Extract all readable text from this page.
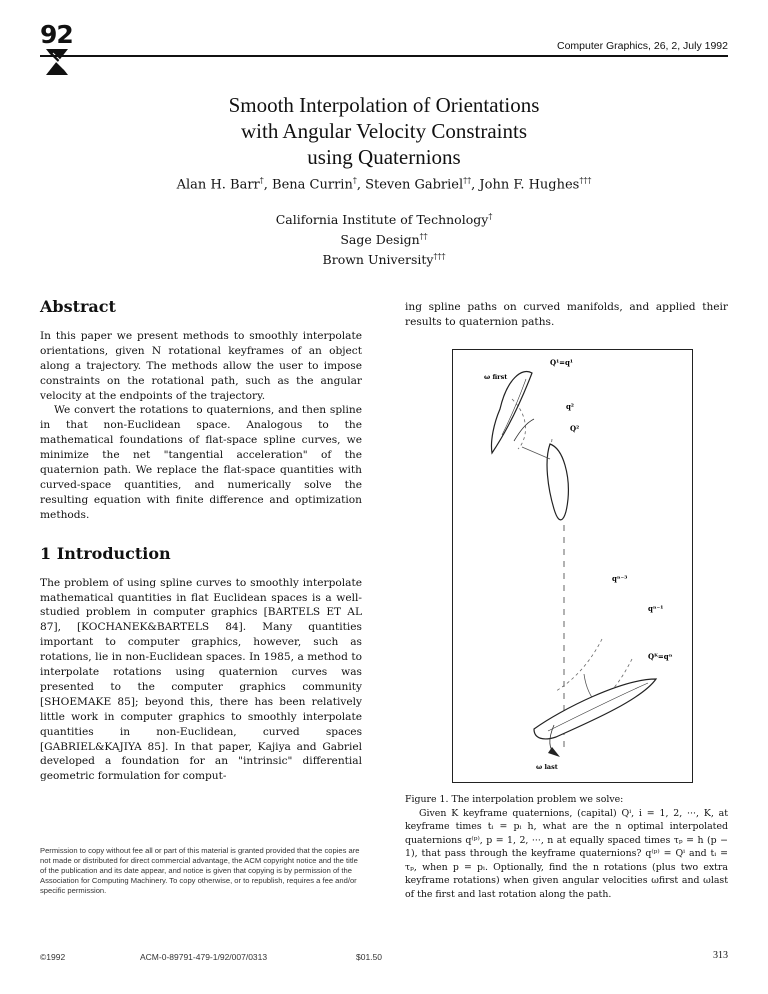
92	Computer Graphics, 26, 2, July 1992
Smooth Interpolation of Orientations
with Angular Velocity Constraints
using Quaternions
Alan H. Barr†, Bena Currin†, Steven Gabriel††, John F. Hughes†††
California Institute of Technology†
Sage Design††
Brown University†††
Abstract

In this paper we present methods to smoothly interpolate orientations, given N rotational keyframes of an object along a trajectory. The methods allow the user to impose constraints on the rotational path, such as the angular velocity at the endpoints of the trajectory.

We convert the rotations to quaternions, and then spline in that non-Euclidean space. Analogous to the mathematical foundations of flat-space spline curves, we minimize the net "tangential acceleration" of the quaternion path. We replace the flat-space quantities with curved-space quantities, and numerically solve the resulting equation with finite difference and optimization methods.

1 Introduction

The problem of using spline curves to smoothly interpolate mathematical quantities in flat Euclidean spaces is a well-studied problem in computer graphics [BARTELS ET AL 87], [KOCHANEK&BARTELS 84]. Many quantities important to computer graphics, however, such as rotations, lie in non-Euclidean spaces. In 1985, a method to interpolate rotations using quaternion curves was presented to the computer graphics community [SHOEMAKE 85]; beyond this, there has been relatively little work in computer graphics to smoothly interpolate quantities in non-Euclidean, curved spaces [GABRIEL&KAJIYA 85]. In that paper, Kajiya and Gabriel developed a foundation for an "intrinsic" differential geometric formulation for comput-

Permission to copy without fee all or part of this material is granted provided that the copies are not made or distributed for direct commercial advantage, the ACM copyright notice and the title of the publication and its date appear, and notice is given that copying is by permission of the Association for Computing Machinery. To copy otherwise, or to republish, requires a fee and/or specific permission.

ing spline paths on curved manifolds, and applied their results to quaternion paths.

Q¹=q¹
ω first
q²
Q²
qⁿ⁻³
qⁿ⁻¹
Qᴷ=qⁿ
ω last
Figure 1. The interpolation problem we solve:
Given K keyframe quaternions, (capital) Qⁱ, i = 1, 2, ···, K, at keyframe times tᵢ = pᵢ h, what are the n optimal interpolated quaternions q⁽ᵖ⁾, p = 1, 2, ···, n at equally spaced times τₚ = h (p − 1), that pass through the keyframe quaternions? q⁽ᵖ⁾ = Qⁱ and tᵢ = τₚ, when p = pᵢ. Optionally, find the n rotations (plus two extra keyframe rotations) when given angular velocities ωfirst and ωlast of the first and last rotation along the path.
©1992	ACM-0-89791-479-1/92/007/0313	$01.50	313
